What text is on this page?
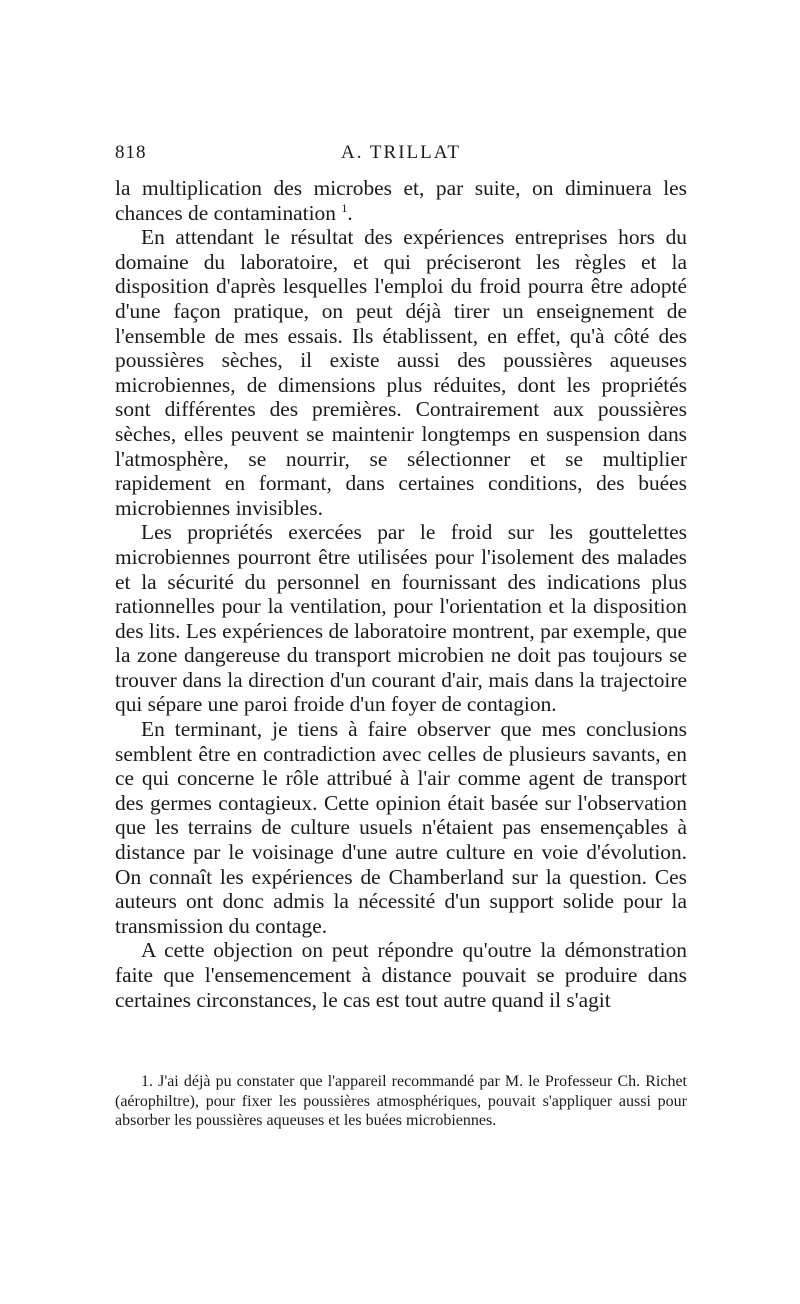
818	A. TRILLAT

la multiplication des microbes et, par suite, on diminuera les chances de contamination $^1$.

En attendant le résultat des expériences entreprises hors du domaine du laboratoire, et qui préciseront les règles et la disposition d'après lesquelles l'emploi du froid pourra être adopté d'une façon pratique, on peut déjà tirer un enseignement de l'ensemble de mes essais. Ils établissent, en effet, qu'à côté des poussières sèches, il existe aussi des poussières aqueuses microbiennes, de dimensions plus réduites, dont les propriétés sont différentes des premières. Contrairement aux poussières sèches, elles peuvent se maintenir longtemps en suspension dans l'atmosphère, se nourrir, se sélectionner et se multiplier rapidement en formant, dans certaines conditions, des buées microbiennes invisibles.

Les propriétés exercées par le froid sur les gouttelettes microbiennes pourront être utilisées pour l'isolement des malades et la sécurité du personnel en fournissant des indications plus rationnelles pour la ventilation, pour l'orientation et la disposition des lits. Les expériences de laboratoire montrent, par exemple, que la zone dangereuse du transport microbien ne doit pas toujours se trouver dans la direction d'un courant d'air, mais dans la trajectoire qui sépare une paroi froide d'un foyer de contagion.

En terminant, je tiens à faire observer que mes conclusions semblent être en contradiction avec celles de plusieurs savants, en ce qui concerne le rôle attribué à l'air comme agent de transport des germes contagieux. Cette opinion était basée sur l'observation que les terrains de culture usuels n'étaient pas ensemençables à distance par le voisinage d'une autre culture en voie d'évolution. On connaît les expériences de Chamberland sur la question. Ces auteurs ont donc admis la nécessité d'un support solide pour la transmission du contage.

A cette objection on peut répondre qu'outre la démonstration faite que l'ensemencement à distance pouvait se produire dans certaines circonstances, le cas est tout autre quand il s'agit

1. J'ai déjà pu constater que l'appareil recommandé par M. le Professeur Ch. Richet (aérophiltre), pour fixer les poussières atmosphériques, pouvait s'appliquer aussi pour absorber les poussières aqueuses et les buées microbiennes.
